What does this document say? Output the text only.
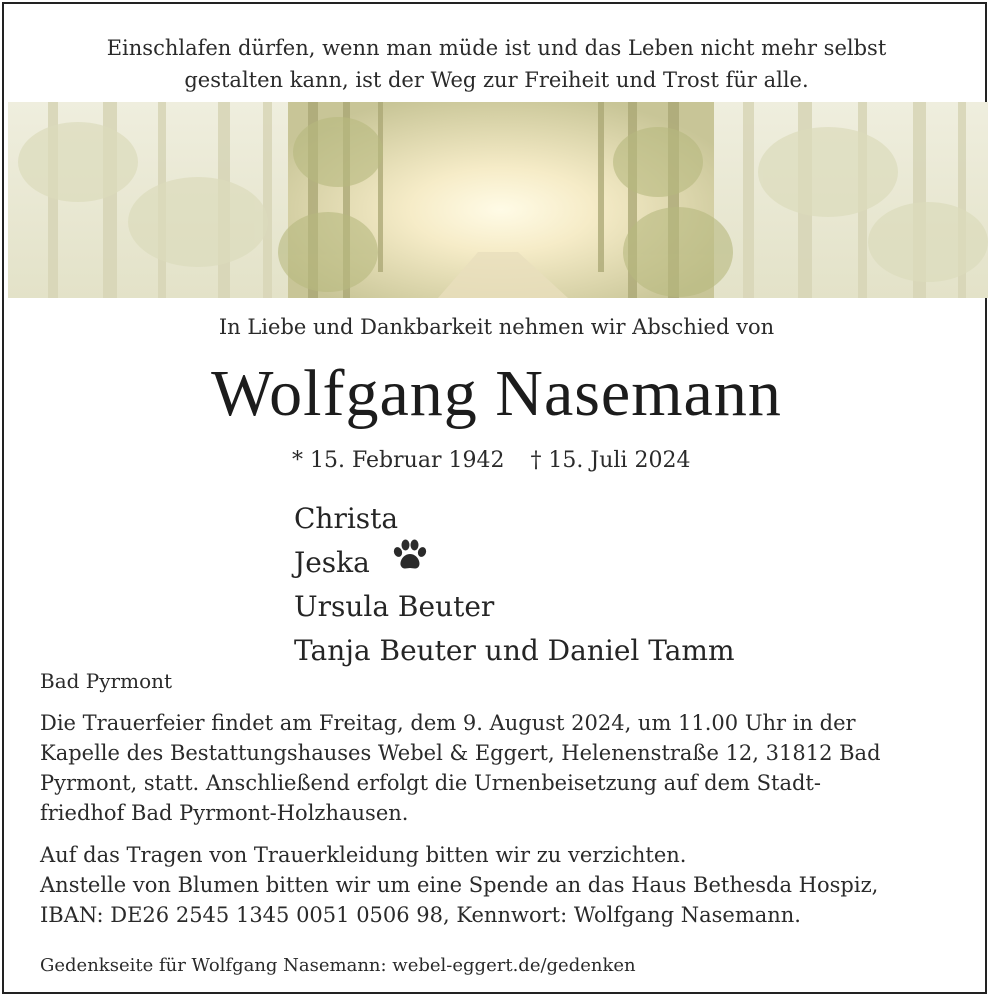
Einschlafen dürfen, wenn man müde ist und das Leben nicht mehr selbst
gestalten kann, ist der Weg zur Freiheit und Trost für alle.
In Liebe und Dankbarkeit nehmen wir Abschied von
Wolfgang Nasemann
* 15. Februar 1942 † 15. Juli 2024
Christa
Jeska
Ursula Beuter
Tanja Beuter und Daniel Tamm
Bad Pyrmont
Die Trauerfeier findet am Freitag, dem 9. August 2024, um 11.00 Uhr in der
Kapelle des Bestattungshauses Webel & Eggert, Helenenstraße 12, 31812 Bad
Pyrmont, statt. Anschließend erfolgt die Urnenbeisetzung auf dem Stadt-
friedhof Bad Pyrmont-Holzhausen.
Auf das Tragen von Trauerkleidung bitten wir zu verzichten.
Anstelle von Blumen bitten wir um eine Spende an das Haus Bethesda Hospiz,
IBAN: DE26 2545 1345 0051 0506 98, Kennwort: Wolfgang Nasemann.
Gedenkseite für Wolfgang Nasemann: webel-eggert.de/gedenken
